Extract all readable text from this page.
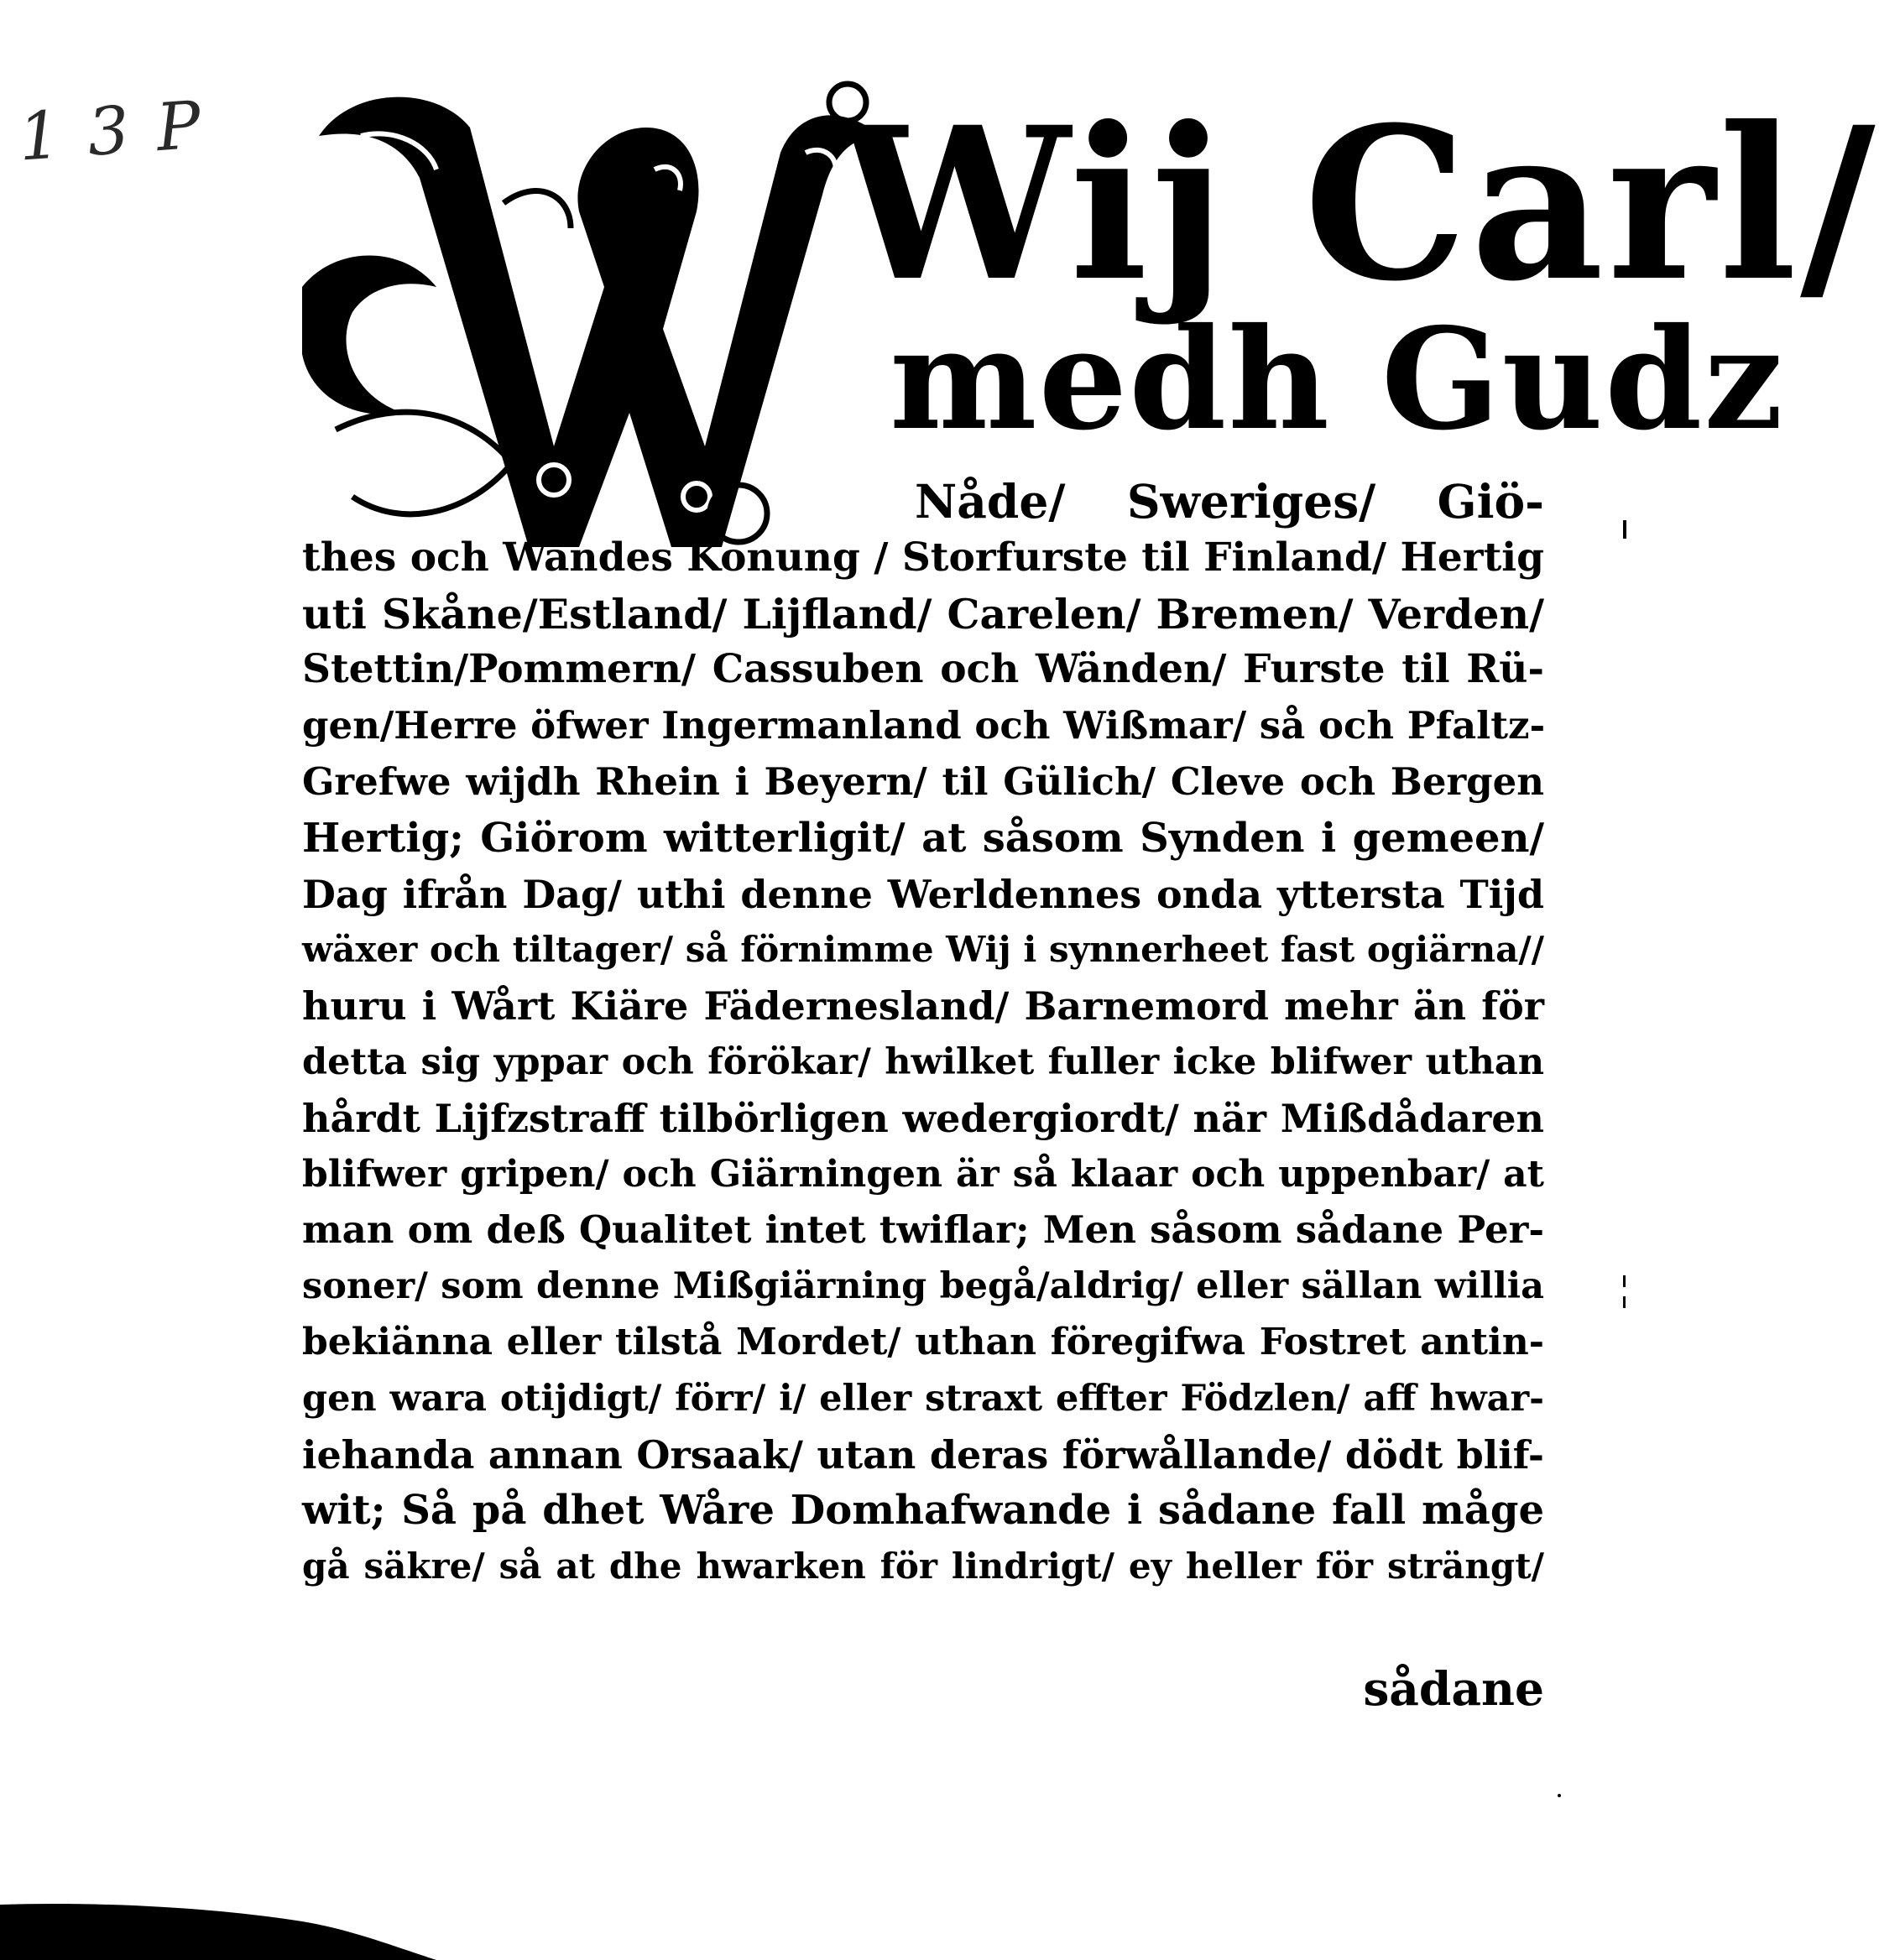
1 3 P	Wij Carl/
medh Gudz
Nåde/ Sweriges/ Giö-
thes och Wändes Konung / Storfurste til Finland/ Hertig
uti Skåne/Estland/ Lijfland/ Carelen/ Bremen/ Verden/
Stettin/Pommern/ Cassuben och Wänden/ Furste til Rü-
gen/Herre öfwer Ingermanland och Wißmar/ så och Pfaltz-
Grefwe wijdh Rhein i Beyern/ til Gülich/ Cleve och Bergen
Hertig; Giörom witterligit/ at såsom Synden i gemeen/
Dag ifrån Dag/ uthi denne Werldennes onda yttersta Tijd
wäxer och tiltager/ så förnimme Wij i synnerheet fast ogiärna//
huru i Wårt Kiäre Fädernesland/ Barnemord mehr än för
detta sig yppar och förökar/ hwilket fuller icke blifwer uthan
hårdt Lijfzstraff tilbörligen wedergiordt/ när Mißdådaren
blifwer gripen/ och Giärningen är så klaar och uppenbar/ at
man om deß Qualitet intet twiflar; Men såsom sådane Per-
soner/ som denne Mißgiärning begå/aldrig/ eller sällan willia
bekiänna eller tilstå Mordet/ uthan föregifwa Fostret antin-
gen wara otijdigt/ förr/ i/ eller straxt effter Födzlen/ aff hwar-
iehanda annan Orsaak/ utan deras förwållande/ dödt blif-
wit; Så på dhet Wåre Domhafwande i sådane fall måge
gå säkre/ så at dhe hwarken för lindrigt/ ey heller för strängt/
sådane
